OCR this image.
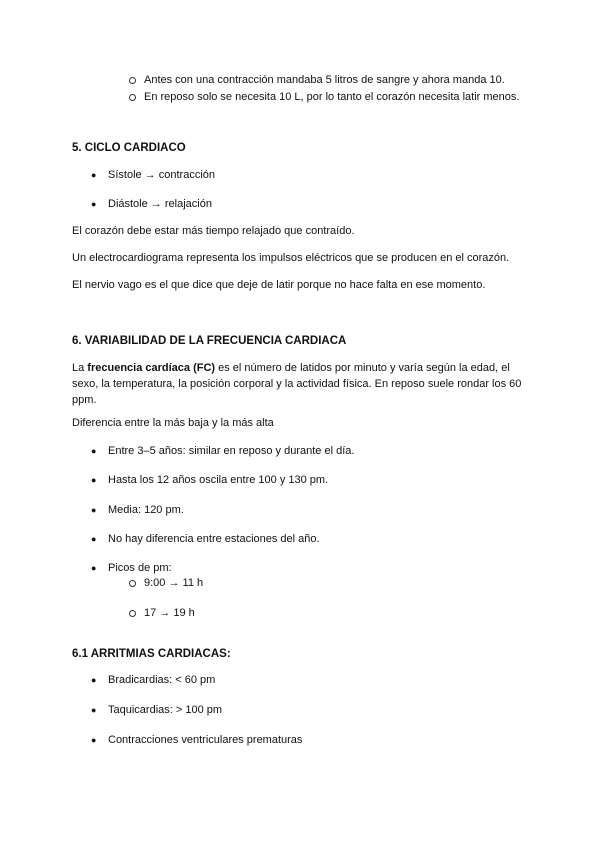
Antes con una contracción mandaba 5 litros de sangre y ahora manda 10.
En reposo solo se necesita 10 L, por lo tanto el corazón necesita latir menos.
5. CICLO CARDIACO
● Sístole → contracción
● Diástole → relajación
El corazón debe estar más tiempo relajado que contraído.
Un electrocardiograma representa los impulsos eléctricos que se producen en el corazón.
El nervio vago es el que dice que deje de latir porque no hace falta en ese momento.
6. VARIABILIDAD DE LA FRECUENCIA CARDIACA
La frecuencia cardíaca (FC) es el número de latidos por minuto y varía según la edad, el sexo, la temperatura, la posición corporal y la actividad física. En reposo suele rondar los 60 ppm.
Diferencia entre la más baja y la más alta
● Entre 3–5 años: similar en reposo y durante el día.
● Hasta los 12 años oscila entre 100 y 130 pm.
● Media: 120 pm.
● No hay diferencia entre estaciones del año.
● Picos de pm:
9:00 → 11 h
17 → 19 h
6.1 ARRITMIAS CARDIACAS:
● Bradicardias: < 60 pm
● Taquicardias: > 100 pm
● Contracciones ventriculares prematuras
